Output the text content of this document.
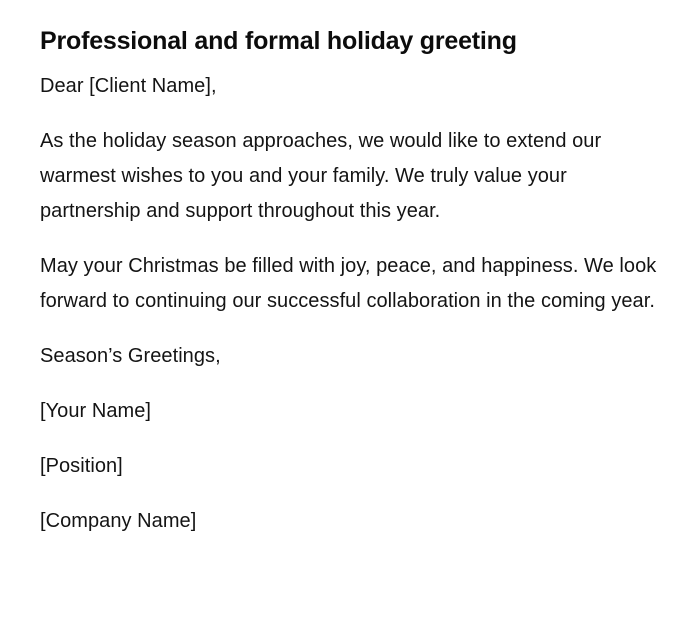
Professional and formal holiday greeting

Dear [Client Name],

As the holiday season approaches, we would like to extend our warmest wishes to you and your family. We truly value your partnership and support throughout this year.

May your Christmas be filled with joy, peace, and happiness. We look forward to continuing our successful collaboration in the coming year.

Season’s Greetings,

[Your Name]

[Position]

[Company Name]
